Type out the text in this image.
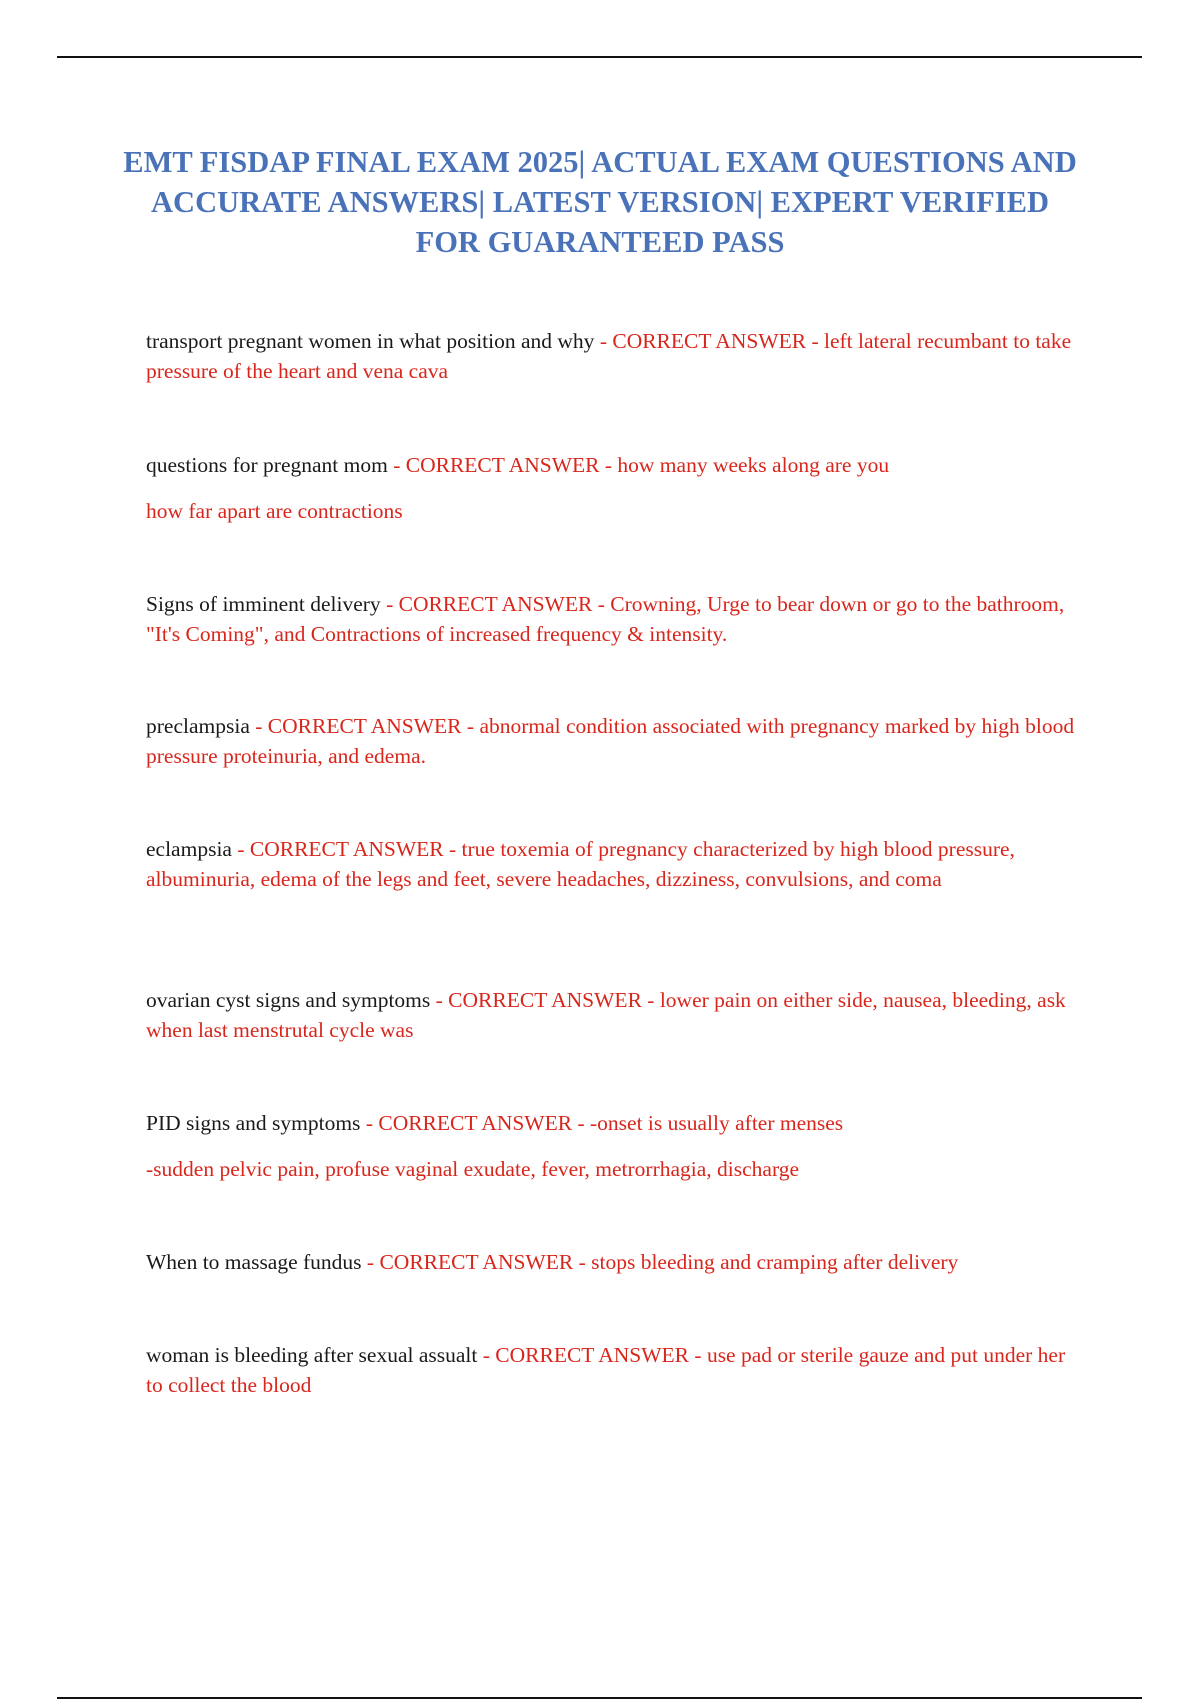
EMT FISDAP FINAL EXAM 2025| ACTUAL EXAM QUESTIONS AND ACCURATE ANSWERS| LATEST VERSION| EXPERT VERIFIED FOR GUARANTEED PASS

transport pregnant women in what position and why - CORRECT ANSWER - left lateral recumbant to take pressure of the heart and vena cava

questions for pregnant mom - CORRECT ANSWER - how many weeks along are you

how far apart are contractions

Signs of imminent delivery - CORRECT ANSWER - Crowning, Urge to bear down or go to the bathroom, "It's Coming", and Contractions of increased frequency & intensity.

preclampsia - CORRECT ANSWER - abnormal condition associated with pregnancy marked by high blood pressure proteinuria, and edema.

eclampsia - CORRECT ANSWER - true toxemia of pregnancy characterized by high blood pressure, albuminuria, edema of the legs and feet, severe headaches, dizziness, convulsions, and coma

ovarian cyst signs and symptoms - CORRECT ANSWER - lower pain on either side, nausea, bleeding, ask when last menstrutal cycle was

PID signs and symptoms - CORRECT ANSWER - -onset is usually after menses

-sudden pelvic pain, profuse vaginal exudate, fever, metrorrhagia, discharge

When to massage fundus - CORRECT ANSWER - stops bleeding and cramping after delivery

woman is bleeding after sexual assualt - CORRECT ANSWER - use pad or sterile gauze and put under her to collect the blood
